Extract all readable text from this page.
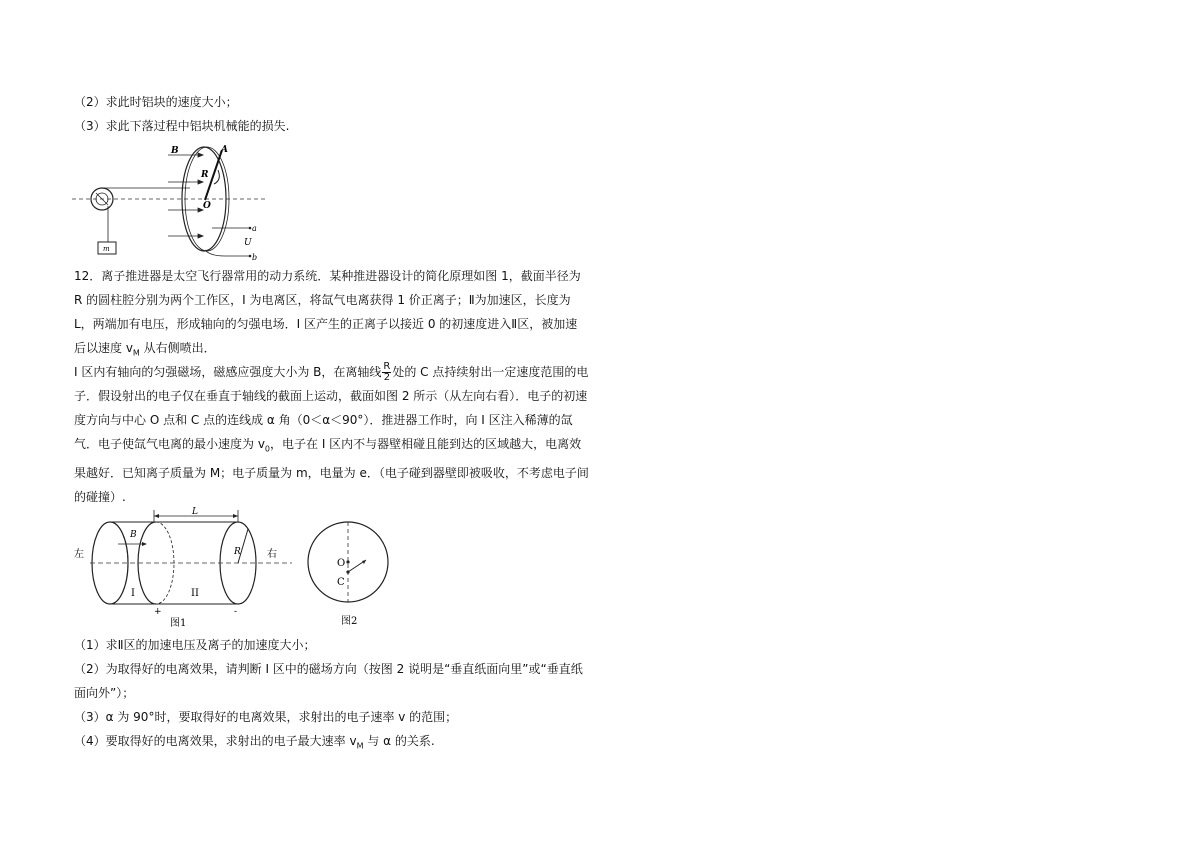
（2）求此时铝块的速度大小；
（3）求此下落过程中铝块机械能的损失.
m
B	A
R
O
a
U
b

12．离子推进器是太空飞行器常用的动力系统．某种推进器设计的简化原理如图 1，截面半径为

R 的圆柱腔分别为两个工作区，I 为电离区，将氙气电离获得 1 价正离子；Ⅱ为加速区，长度为

L，两端加有电压，形成轴向的匀强电场．I 区产生的正离子以接近 0 的初速度进入Ⅱ区，被加速

后以速度 $v_M$ 从右侧喷出．

I 区内有轴向的匀强磁场，磁感应强度大小为 B，在离轴线 $\frac{R}{2}$ 处的 C 点持续射出一定速度范围的电

子．假设射出的电子仅在垂直于轴线的截面上运动，截面如图 2 所示（从左向右看）．电子的初速

度方向与中心 O 点和 C 点的连线成 α 角（0＜α＜90°）．推进器工作时，向 I 区注入稀薄的氙

气．电子使氙气电离的最小速度为 $v_0$，电子在 I 区内不与器壁相碰且能到达的区域越大，电离效

果越好．已知离子质量为 M；电子质量为 m，电量为 e．（电子碰到器壁即被吸收，不考虑电子间

的碰撞）.

L
左	右
B
R
I	II
+	-
图1
O
C
图2

（1）求Ⅱ区的加速电压及离子的加速度大小；

（2）为取得好的电离效果，请判断 I 区中的磁场方向（按图 2 说明是“垂直纸面向里”或“垂直纸

面向外”）；

（3）α 为 90°时，要取得好的电离效果，求射出的电子速率 v 的范围；

（4）要取得好的电离效果，求射出的电子最大速率 $v_M$ 与 α 的关系.
